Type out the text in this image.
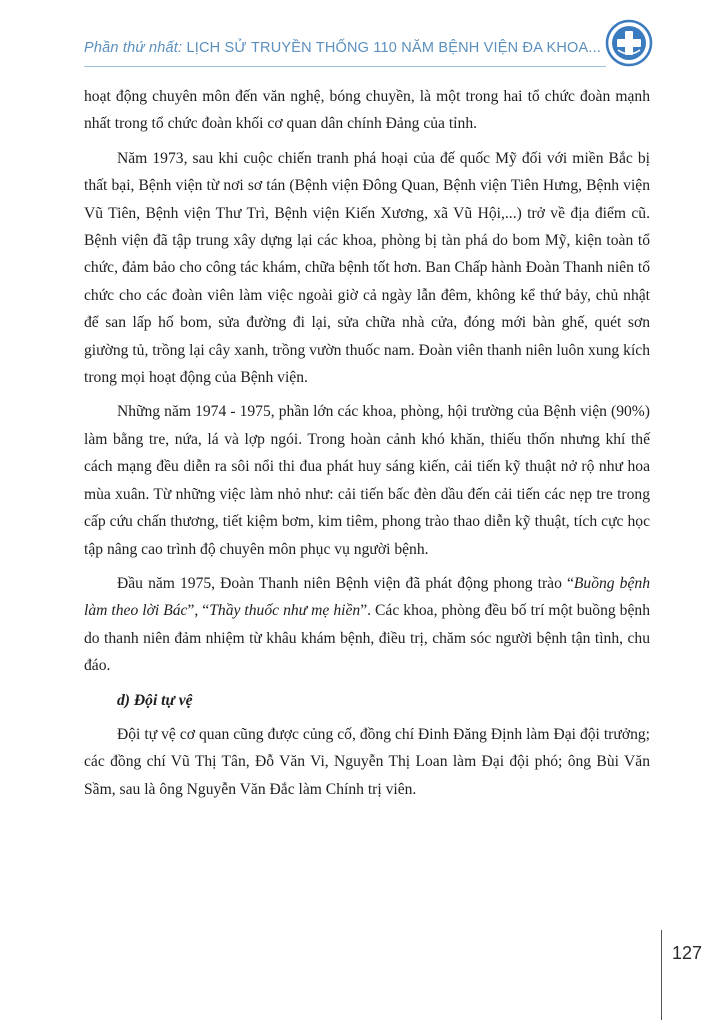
Phần thứ nhất: LỊCH SỬ TRUYỀN THỐNG 110 NĂM BỆNH VIỆN ĐA KHOA...

hoạt động chuyên môn đến văn nghệ, bóng chuyền, là một trong hai tổ chức đoàn mạnh nhất trong tổ chức đoàn khối cơ quan dân chính Đảng của tỉnh.

Năm 1973, sau khi cuộc chiến tranh phá hoại của đế quốc Mỹ đối với miền Bắc bị thất bại, Bệnh viện từ nơi sơ tán (Bệnh viện Đông Quan, Bệnh viện Tiên Hưng, Bệnh viện Vũ Tiên, Bệnh viện Thư Trì, Bệnh viện Kiến Xương, xã Vũ Hội,...) trở về địa điểm cũ. Bệnh viện đã tập trung xây dựng lại các khoa, phòng bị tàn phá do bom Mỹ, kiện toàn tổ chức, đảm bảo cho công tác khám, chữa bệnh tốt hơn. Ban Chấp hành Đoàn Thanh niên tổ chức cho các đoàn viên làm việc ngoài giờ cả ngày lẫn đêm, không kể thứ bảy, chủ nhật để san lấp hố bom, sửa đường đi lại, sửa chữa nhà cửa, đóng mới bàn ghế, quét sơn giường tủ, trồng lại cây xanh, trồng vườn thuốc nam. Đoàn viên thanh niên luôn xung kích trong mọi hoạt động của Bệnh viện.

Những năm 1974 - 1975, phần lớn các khoa, phòng, hội trường của Bệnh viện (90%) làm bằng tre, nứa, lá và lợp ngói. Trong hoàn cảnh khó khăn, thiếu thốn nhưng khí thế cách mạng đều diễn ra sôi nổi thi đua phát huy sáng kiến, cải tiến kỹ thuật nở rộ như hoa mùa xuân. Từ những việc làm nhỏ như: cải tiến bấc đèn dầu đến cải tiến các nẹp tre trong cấp cứu chấn thương, tiết kiệm bơm, kim tiêm, phong trào thao diễn kỹ thuật, tích cực học tập nâng cao trình độ chuyên môn phục vụ người bệnh.

Đầu năm 1975, Đoàn Thanh niên Bệnh viện đã phát động phong trào “Buồng bệnh làm theo lời Bác”, “Thầy thuốc như mẹ hiền”. Các khoa, phòng đều bố trí một buồng bệnh do thanh niên đảm nhiệm từ khâu khám bệnh, điều trị, chăm sóc người bệnh tận tình, chu đáo.

d) Đội tự vệ

Đội tự vệ cơ quan cũng được củng cố, đồng chí Đinh Đăng Định làm Đại đội trưởng; các đồng chí Vũ Thị Tân, Đỗ Văn Vi, Nguyễn Thị Loan làm Đại đội phó; ông Bùi Văn Sầm, sau là ông Nguyễn Văn Đắc làm Chính trị viên.

127
